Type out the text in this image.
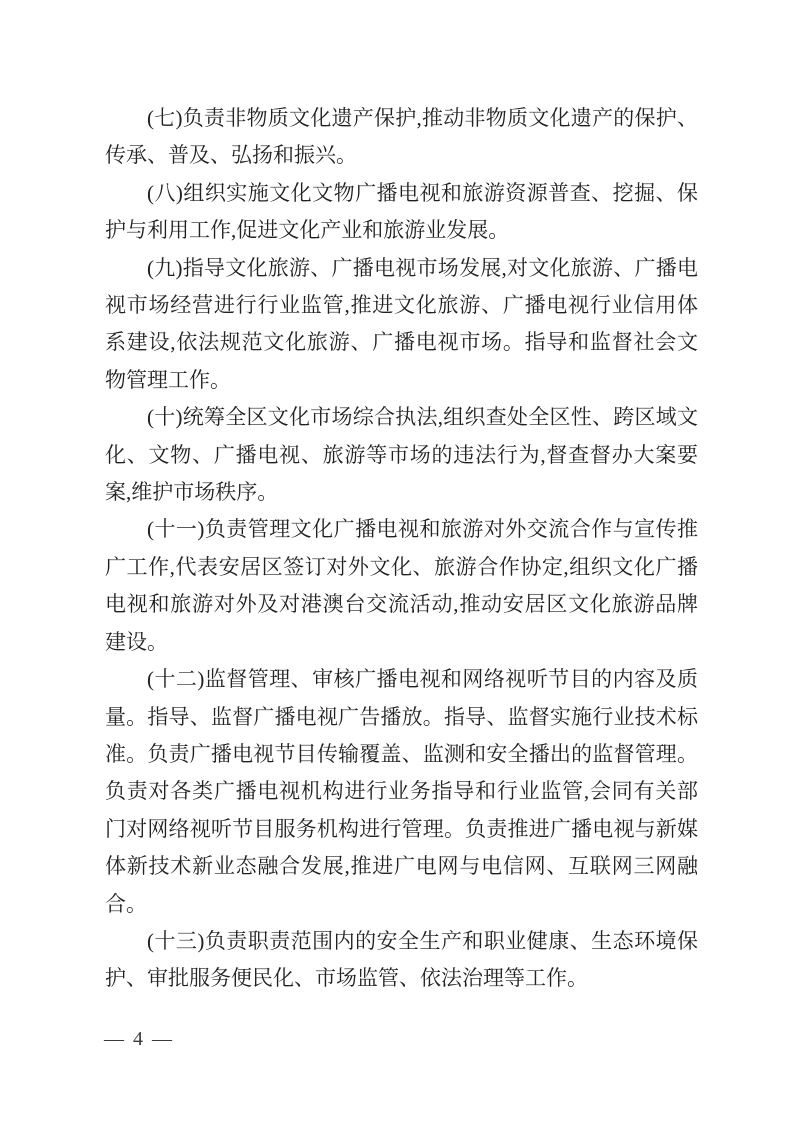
(七)负责非物质文化遗产保护,推动非物质文化遗产的保护、传承、普及、弘扬和振兴。

(八)组织实施文化文物广播电视和旅游资源普查、挖掘、保护与利用工作,促进文化产业和旅游业发展。

(九)指导文化旅游、广播电视市场发展,对文化旅游、广播电视市场经营进行行业监管,推进文化旅游、广播电视行业信用体系建设,依法规范文化旅游、广播电视市场。指导和监督社会文物管理工作。

(十)统筹全区文化市场综合执法,组织查处全区性、跨区域文化、文物、广播电视、旅游等市场的违法行为,督查督办大案要案,维护市场秩序。

(十一)负责管理文化广播电视和旅游对外交流合作与宣传推广工作,代表安居区签订对外文化、旅游合作协定,组织文化广播电视和旅游对外及对港澳台交流活动,推动安居区文化旅游品牌建设。

(十二)监督管理、审核广播电视和网络视听节目的内容及质量。指导、监督广播电视广告播放。指导、监督实施行业技术标准。负责广播电视节目传输覆盖、监测和安全播出的监督管理。负责对各类广播电视机构进行业务指导和行业监管,会同有关部门对网络视听节目服务机构进行管理。负责推进广播电视与新媒体新技术新业态融合发展,推进广电网与电信网、互联网三网融合。

(十三)负责职责范围内的安全生产和职业健康、生态环境保护、审批服务便民化、市场监管、依法治理等工作。

— 4 —
